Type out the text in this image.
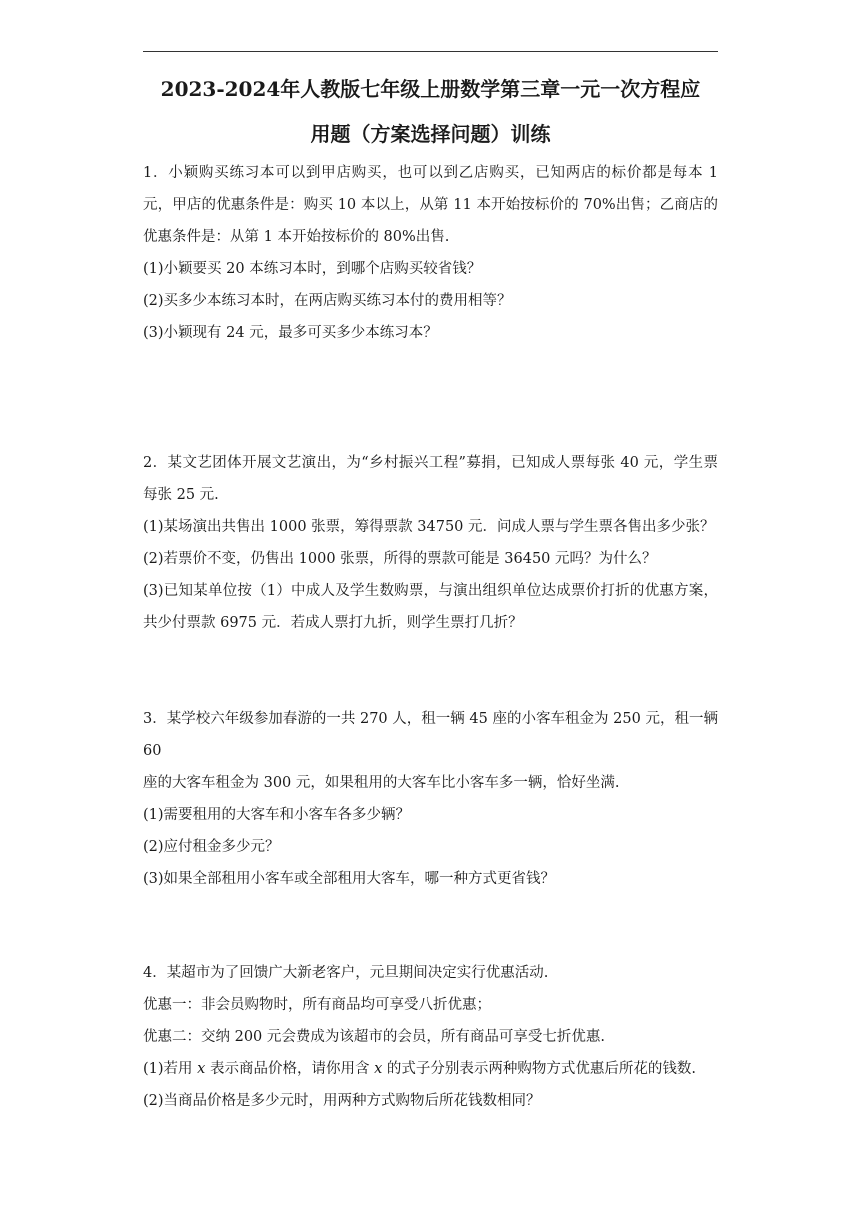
2023-2024年人教版七年级上册数学第三章一元一次方程应
用题（方案选择问题）训练

1．小颖购买练习本可以到甲店购买，也可以到乙店购买，已知两店的标价都是每本 1

元，甲店的优惠条件是：购买 10 本以上，从第 11 本开始按标价的 70%出售；乙商店的

优惠条件是：从第 1 本开始按标价的 80%出售.

(1)小颖要买 20 本练习本时，到哪个店购买较省钱？

(2)买多少本练习本时，在两店购买练习本付的费用相等？

(3)小颖现有 24 元，最多可买多少本练习本？

2．某文艺团体开展文艺演出，为“乡村振兴工程”募捐，已知成人票每张 40 元，学生票

每张 25 元.

(1)某场演出共售出 1000 张票，筹得票款 34750 元．问成人票与学生票各售出多少张？

(2)若票价不变，仍售出 1000 张票，所得的票款可能是 36450 元吗？为什么？

(3)已知某单位按（1）中成人及学生数购票，与演出组织单位达成票价打折的优惠方案，

共少付票款 6975 元．若成人票打九折，则学生票打几折？

3．某学校六年级参加春游的一共 270 人，租一辆 45 座的小客车租金为 250 元，租一辆 60

座的大客车租金为 300 元，如果租用的大客车比小客车多一辆，恰好坐满.

(1)需要租用的大客车和小客车各多少辆？

(2)应付租金多少元？

(3)如果全部租用小客车或全部租用大客车，哪一种方式更省钱？

4．某超市为了回馈广大新老客户，元旦期间决定实行优惠活动.

优惠一：非会员购物时，所有商品均可享受八折优惠；

优惠二：交纳 200 元会费成为该超市的会员，所有商品可享受七折优惠.

(1)若用 x 表示商品价格，请你用含 x 的式子分别表示两种购物方式优惠后所花的钱数.

(2)当商品价格是多少元时，用两种方式购物后所花钱数相同？
